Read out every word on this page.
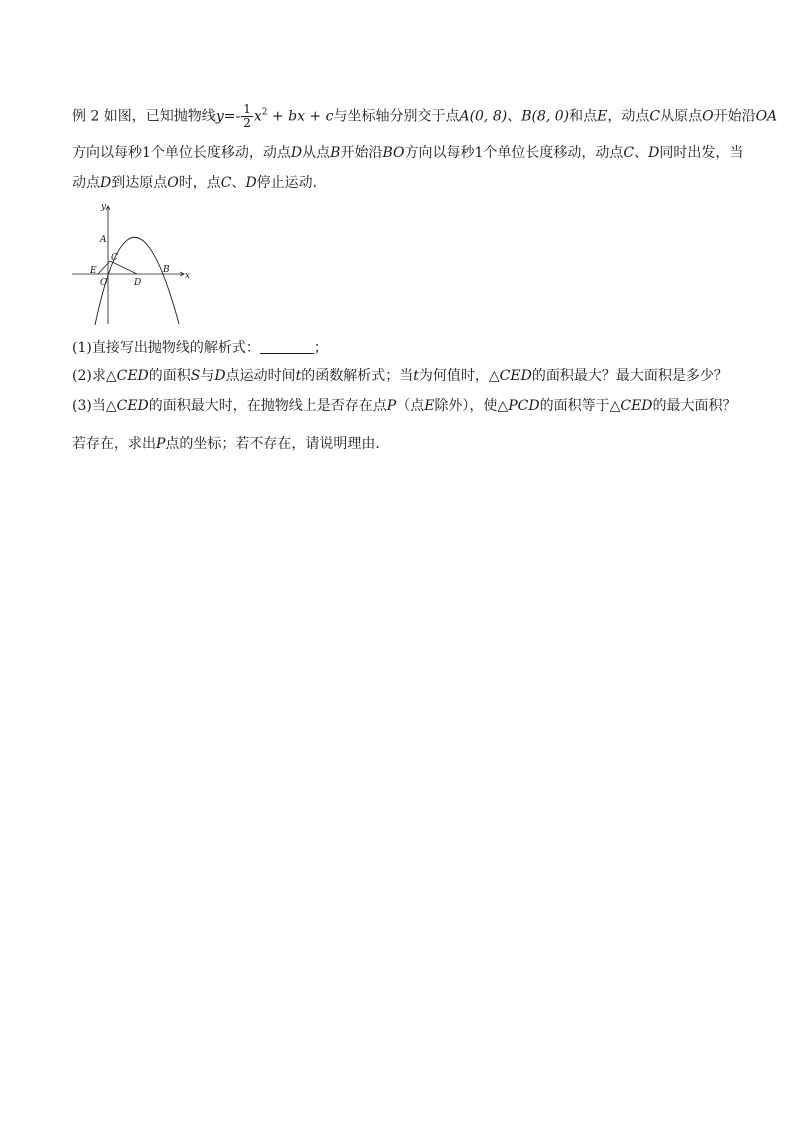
例 2 如图，已知抛物线$y=- \frac{1}{2} x^2$ + bx + c与坐标轴分别交于点A(0, 8)、B(8, 0)和点E，动点C从原点O开始沿OA
方向以每秒1个单位长度移动，动点D从点B开始沿BO方向以每秒1个单位长度移动，动点C、D同时出发，当
动点D到达原点O时，点C、D停止运动．
y
x
A
C
E
O	D
B
(1)直接写出抛物线的解析式：	；
(2)求△CED的面积S与D点运动时间t的函数解析式；当t为何值时，△CED的面积最大？最大面积是多少？
(3)当△CED的面积最大时，在抛物线上是否存在点P（点E除外），使△PCD的面积等于△CED的最大面积？
若存在，求出P点的坐标；若不存在，请说明理由．
